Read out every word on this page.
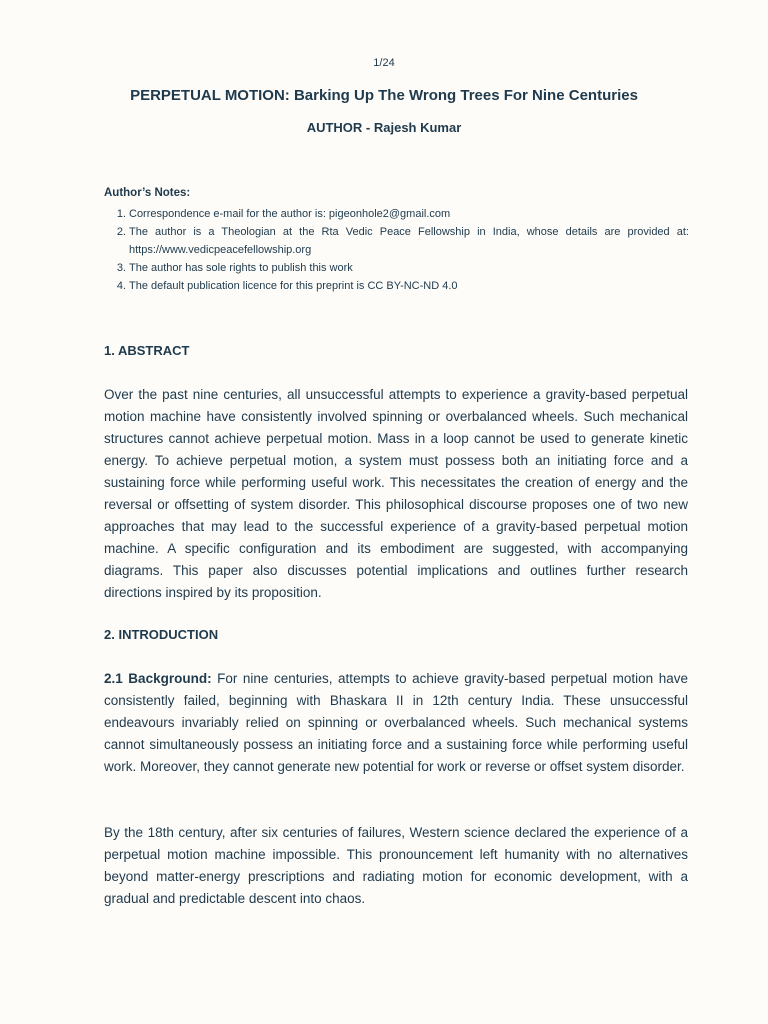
1/24
PERPETUAL MOTION: Barking Up The Wrong Trees For Nine Centuries
AUTHOR - Rajesh Kumar
Author’s Notes:
1. Correspondence e-mail for the author is: pigeonhole2@gmail.com
2. The author is a Theologian at the Rta Vedic Peace Fellowship in India, whose details are provided at: https://www.vedicpeacefellowship.org
3. The author has sole rights to publish this work
4. The default publication licence for this preprint is CC BY-NC-ND 4.0
1. ABSTRACT

Over the past nine centuries, all unsuccessful attempts to experience a gravity-based perpetual motion machine have consistently involved spinning or overbalanced wheels. Such mechanical structures cannot achieve perpetual motion. Mass in a loop cannot be used to generate kinetic energy. To achieve perpetual motion, a system must possess both an initiating force and a sustaining force while performing useful work. This necessitates the creation of energy and the reversal or offsetting of system disorder. This philosophical discourse proposes one of two new approaches that may lead to the successful experience of a gravity-based perpetual motion machine. A specific configuration and its embodiment are suggested, with accompanying diagrams. This paper also discusses potential implications and outlines further research directions inspired by its proposition.

2. INTRODUCTION

2.1 Background: For nine centuries, attempts to achieve gravity-based perpetual motion have consistently failed, beginning with Bhaskara II in 12th century India. These unsuccessful endeavours invariably relied on spinning or overbalanced wheels. Such mechanical systems cannot simultaneously possess an initiating force and a sustaining force while performing useful work. Moreover, they cannot generate new potential for work or reverse or offset system disorder.

By the 18th century, after six centuries of failures, Western science declared the experience of a perpetual motion machine impossible. This pronouncement left humanity with no alternatives beyond matter-energy prescriptions and radiating motion for economic development, with a gradual and predictable descent into chaos.
